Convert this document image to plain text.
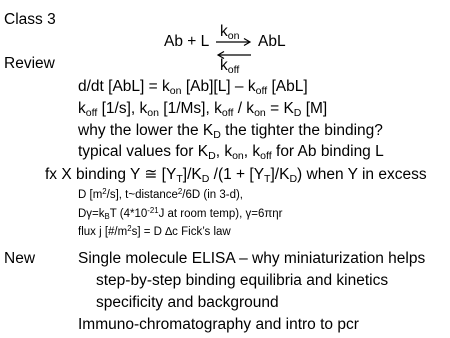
Class 3
Ab + L
$k_{on}$ AbL
$k_{off}$
Review
d/dt $[AbL] = k_{on}$ $[Ab][L] - k_{off}$ [AbL]
$k_{off}$ [1/s], $k_{on}$ [1/Ms], $k_{off} / k_{on} = K_D$ [M]
why the lower the $K_D$ the tighter the binding?
typical values for $K_D$, $k_{on}$, $k_{off}$ for Ab binding L
fx X binding Y ≅ $[Y_T]/K_D$ $/(1 + [Y_T]/K_D)$ when Y in excess
D $[m^2/s]$, t~distance$^2$/6D (in 3-d),
$D\gamma=k_BT$ ($4*10^{-21}J$ at room temp), γ=6πηr
flux j $[\#/m^2s] = D$ ∆c Fick’s law
New	Single molecule ELISA – why miniaturization helps
step-by-step binding equilibria and kinetics
specificity and background
Immuno-chromatography and intro to pcr
